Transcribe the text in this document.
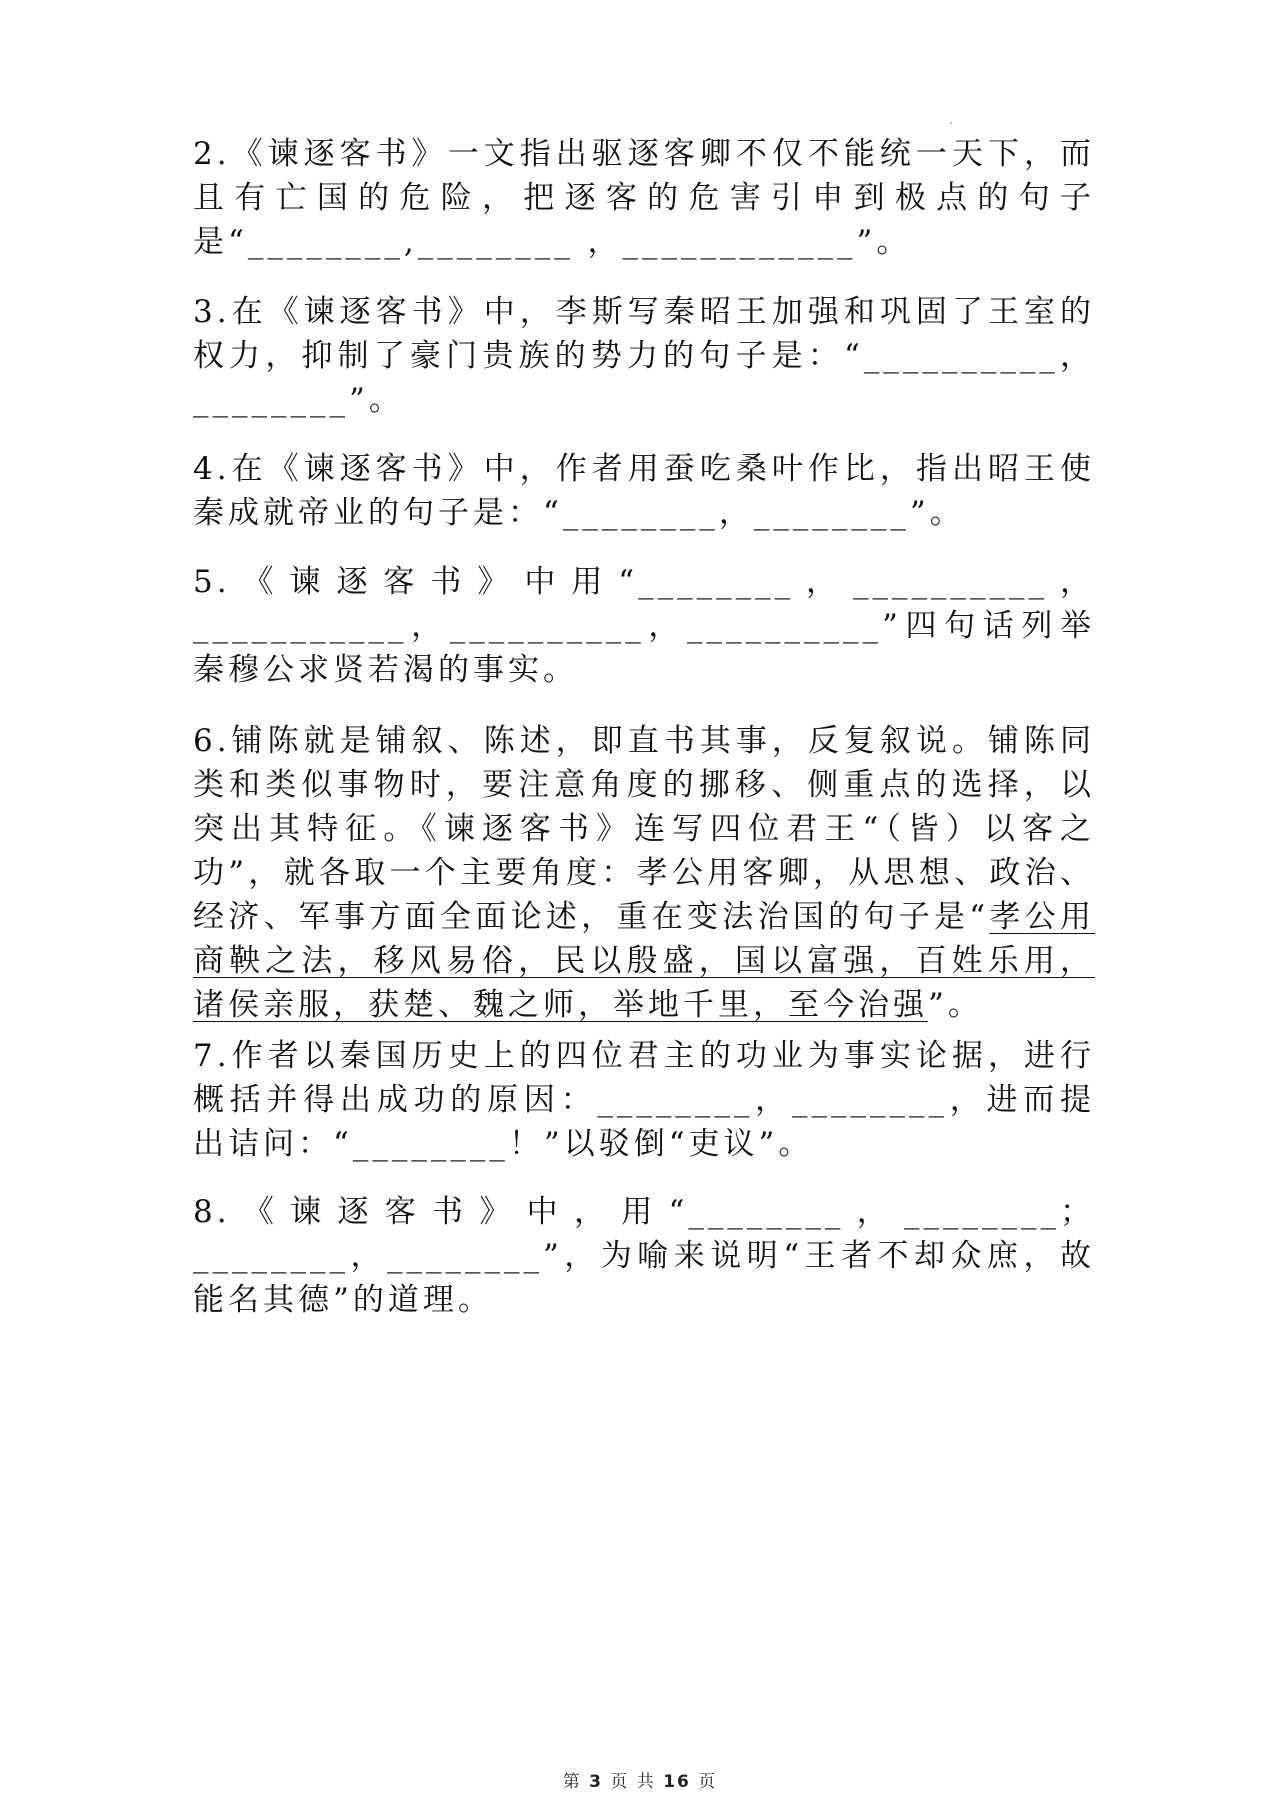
2.《谏逐客书》一文指出驱逐客卿不仅不能统一天下，而且有亡国的危险，把逐客的危害引申到极点的句子是“________,________ ，____________”。
3.在《谏逐客书》中，李斯写秦昭王加强和巩固了王室的权力，抑制了豪门贵族的势力的句子是：“__________，________”。
4.在《谏逐客书》中，作者用蚕吃桑叶作比，指出昭王使秦成就帝业的句子是：“________，________”。
5.《谏逐客书》中用“________，__________，___________，__________，__________”四句话列举秦穆公求贤若渴的事实。
6.铺陈就是铺叙、陈述，即直书其事，反复叙说。铺陈同类和类似事物时，要注意角度的挪移、侧重点的选择，以突出其特征。《谏逐客书》连写四位君王“（皆）以客之功”，就各取一个主要角度：孝公用客卿，从思想、政治、经济、军事方面全面论述，重在变法治国的句子是“孝公用商鞅之法，移风易俗，民以殷盛，国以富强，百姓乐用，诸侯亲服，获楚、魏之师，举地千里，至今治强”。
7.作者以秦国历史上的四位君主的功业为事实论据，进行概括并得出成功的原因：________，________，进而提出诘问：“________！”以驳倒“吏议”。
8.《谏逐客书》中，用“________，________；________，________”，为喻来说明“王者不却众庶，故能名其德”的道理。
第 3 页 共 16 页
